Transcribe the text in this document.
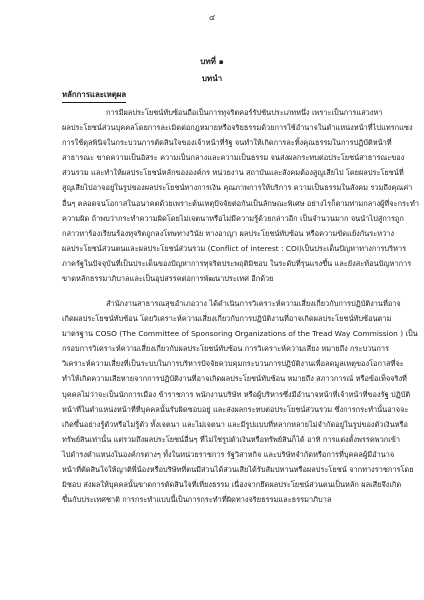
๔
บทที่ ๑
บทนำ
หลักการและเหตุผล
การมีผลประโยชน์ทับซ้อนถือเป็นการทุจริตคอร์รัปชันประเภทหนึ่ง เพราะเป็นการแสวงหา
ผลประโยชน์ส่วนบุคคลโดยการละเมิดต่อกฎหมายหรือจริยธรรมด้วยการใช้อำนาจในตำแหน่งหน้าที่ไปแทรกแซง
การใช้ดุลพินิจในกระบวนการตัดสินใจของเจ้าหน้าที่รัฐ จนทำให้เกิดการละทิ้งคุณธรรมในการปฏิบัติหน้าที่
สาธารณะ ขาดความเป็นอิสระ ความเป็นกลางและความเป็นธรรม จนส่งผลกระทบต่อประโยชน์สาธารณะของ
ส่วนรวม และทำให้ผลประโยชน์หลักขององค์กร หน่วยงาน สถาบันและสังคมต้องสูญเสียไป โดยผลประโยชน์ที่
สูญเสียไปอาจอยู่ในรูปของผลประโยชน์ทางการเงิน คุณภาพการให้บริการ ความเป็นธรรมในสังคม รวมถึงคุณค่า
อื่นๆ ตลอดจนโอกาสในอนาคตด้วยเพราะต้นเหตุปัจจัยต่อกันเป็นลักษณะพิเศษ อย่างไรก็ตามท่ามกลางผู้ที่จะกระทำ
ความผิด ถ้าพบว่ากระทำความผิดโดยไม่เจตนาหรือไม่มีความรู้ด้วยกล่าวอีก เป็นจำนวนมาก จนนำไปสู่การถูก
กล่าวหาร้องเรียนร้องทุจริตถูกลงโทษทางวินัย ทางอาญา ผลประโยชน์ทับซ้อน หรือความขัดแย้งกันระหว่าง
ผลประโยชน์ส่วนตนและผลประโยชน์ส่วนรวม (Conflict of interest : COI)เป็นประเด็นปัญหาทางการบริหาร
ภาครัฐในปัจจุบันที่เป็นประเด็นของปัญหาการทุจริตประพฤติมิชอบ ในระดับที่รุนแรงขึ้น และยังสะท้อนปัญหาการ
ขาดหลักธรรมาภิบาลและเป็นอุปสรรคต่อการพัฒนาประเทศ อีกด้วย
สำนักงานสาธารณสุขอำเภอวาง ได้ดำเนินการวิเคราะห์ความเสี่ยงเกี่ยวกับการปฏิบัติงานที่อาจ
เกิดผลประโยชน์ทับซ้อน โดยวิเคราะห์ความเสี่ยงเกี่ยวกับการปฏิบัติงานที่อาจเกิดผลประโยชน์ทับซ้อนตาม
มาตรฐาน COSO (The Committee of Sponsoring Organizations of the Tread Way Commission ) เป็น
กรอบการวิเคราะห์ความเสี่ยงเกี่ยวกับผลประโยชน์ทับซ้อน การวิเคราะห์ความเสี่ยง หมายถึง กระบวนการ
วิเคราะห์ความเสี่ยงที่เป็นระบบในการบริหารปัจจัยควบคุมกระบวนการปฏิบัติงานเพื่อลดมูลเหตุของโอกาสที่จะ
ทำให้เกิดความเสียหายจากการปฏิบัติงานที่อาจเกิดผลประโยชน์ทับซ้อน หมายถึง สภาวการณ์ หรือข้อเท็จจริงที่
บุคคลไม่ว่าจะเป็นนักการเมือง ข้าราชการ พนักงานบริษัท หรือผู้บริหารซึ่งมีอำนาจหน้าที่เจ้าหน้าที่ของรัฐ ปฏิบัติ
หน้าที่ในตำแหน่งหน้าที่ที่บุคคลนั้นรับผิดชอบอยู่ และส่งผลกระทบต่อประโยชน์ส่วนรวม ซึ่งการกระทำนั้นอาจจะ
เกิดขึ้นอย่างรู้ตัวหรือไม่รู้ตัว ทั้งเจตนา และไม่เจตนา และมีรูปแบบที่หลากหลายไม่จำกัดอยู่ในรูปของตัวเงินหรือ
ทรัพย์สินเท่านั้น แต่รวมถึงผลประโยชน์อื่นๆ ที่ไม่ใช่รูปตัวเงินหรือทรัพย์สินก็ได้ อาทิ การแต่งตั้งพรรคพวกเข้า
ไปดำรงตำแหน่งในองค์กรต่างๆ ทั้งในหน่วยราชการ รัฐวิสาหกิจ และบริษัทจำกัดหรือการที่บุคคลผู้มีอำนาจ
หน้าที่ตัดสินใจให้ญาติพี่น้องหรือบริษัทที่ตนมีส่วนได้ส่วนเสียได้รับสัมปทานหรือผลประโยชน์ จากทางราชการโดย
มิชอบ ส่งผลให้บุคคลนั้นขาดการตัดสินใจที่เที่ยงธรรม เนื่องจากยึดผลประโยชน์ส่วนตนเป็นหลัก ผลเสียจึงเกิด
ขึ้นกับประเทศชาติ การกระทำแบบนี้เป็นการกระทำที่ผิดทางจริยธรรมและธรรมาภิบาล
